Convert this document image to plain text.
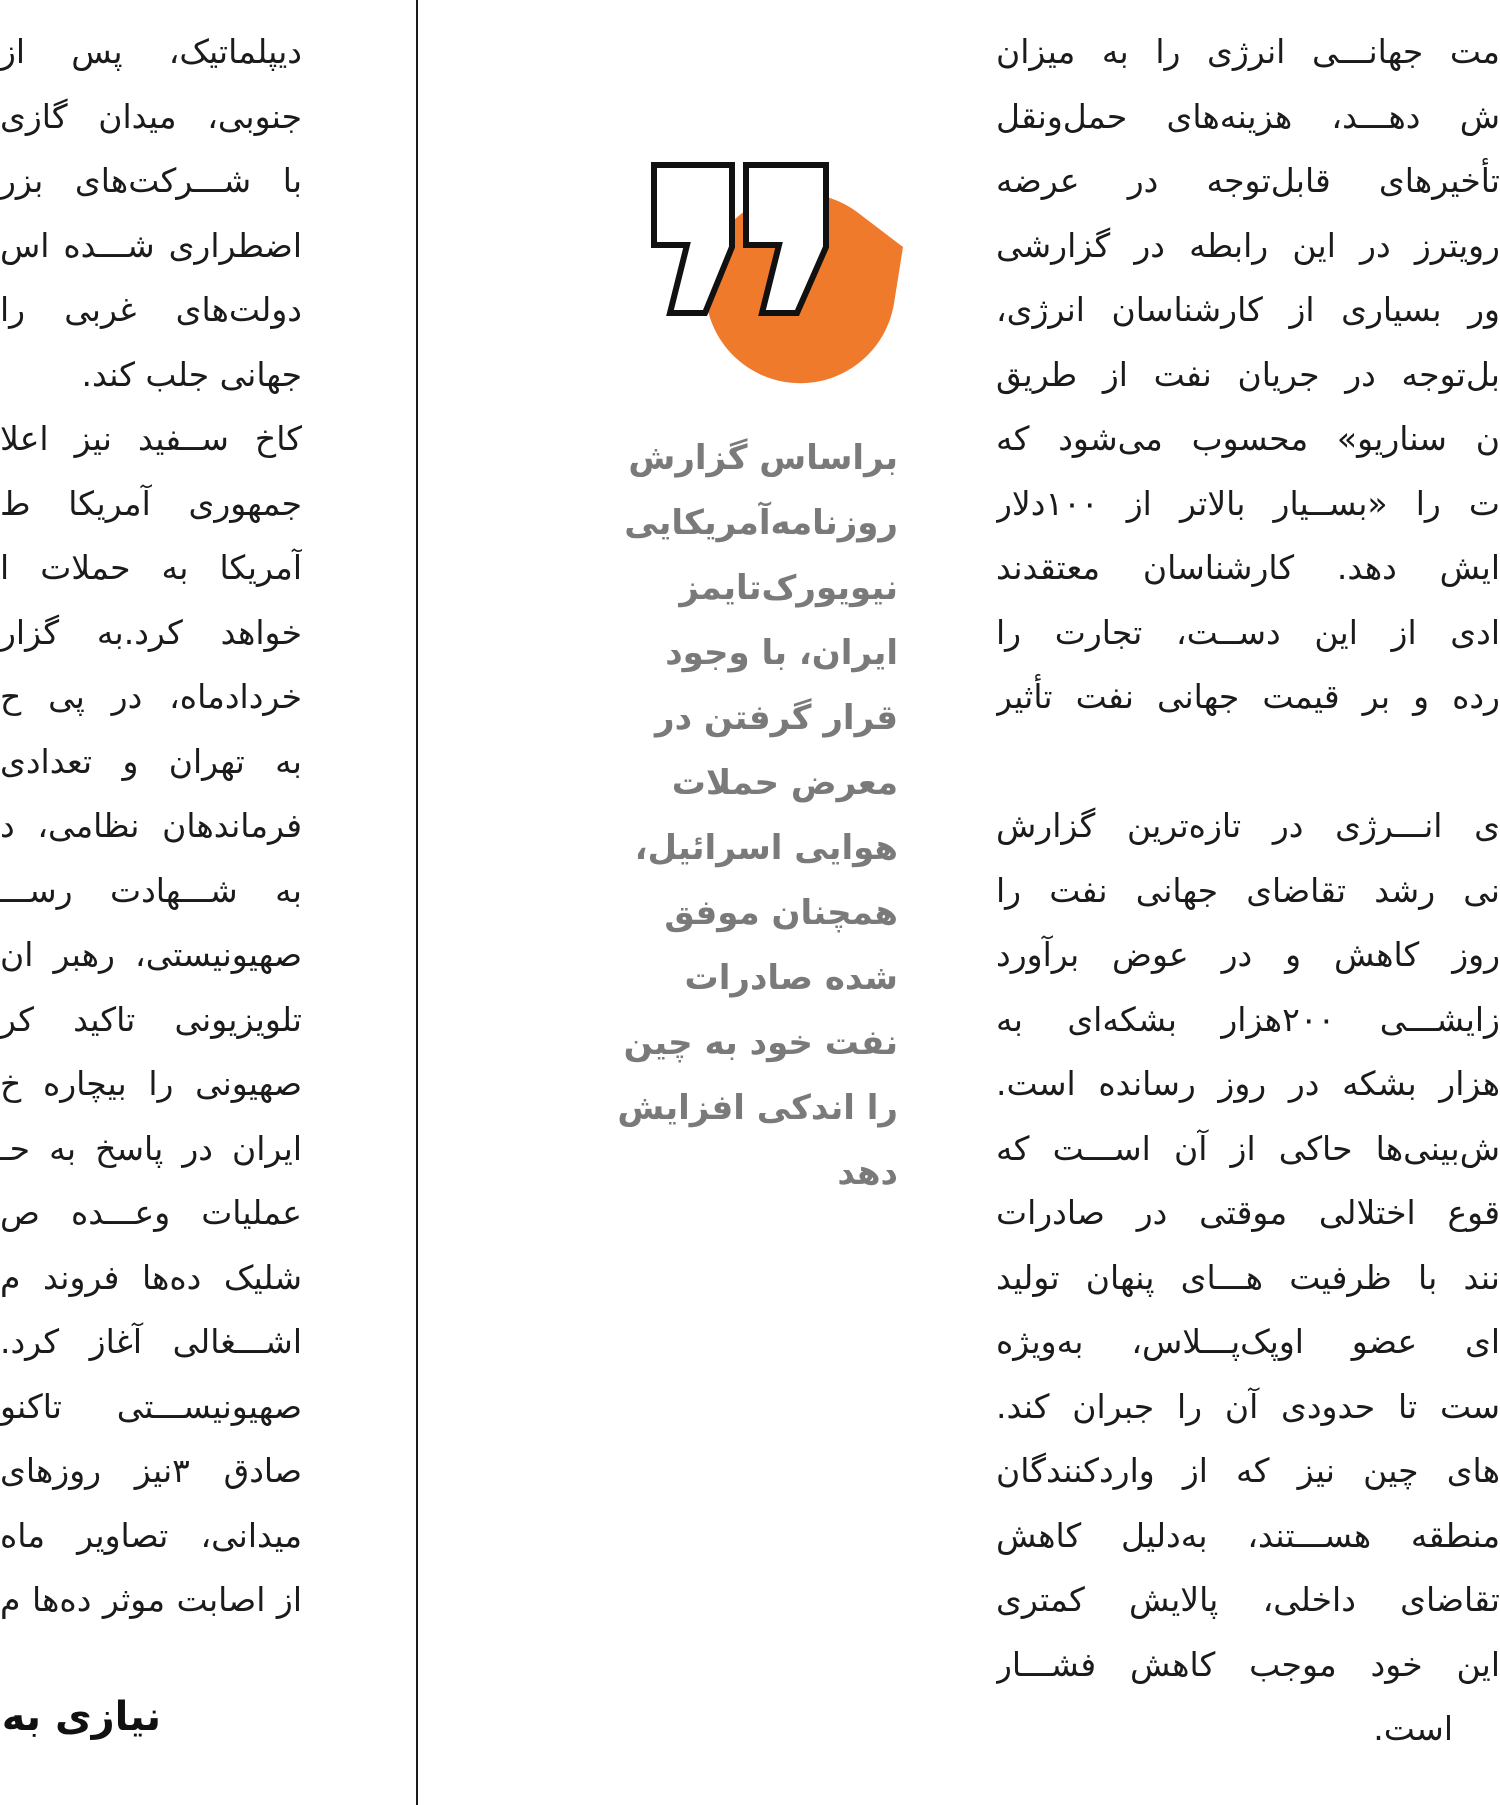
دیپلماتیک، پس از
جنوبی، میدان گازی
با شـــرکت‌های بزر
اضطراری شـــده اس
دولت‌های غربی را
جهانی جلب کند.
کاخ ســفید نیز اعلا
جمهوری آمریکا ط
آمریکا به حملات ا
خواهد کرد.به گزار
خردادماه، در پی ح
به تهران و تعدادی
فرماندهان نظامی، د
به شـــهادت رســـ
صهیونیستی، رهبر ان
تلویزیونی تاکید کر
صهیونی را بیچاره خ
ایران در پاسخ به حـ
عملیات وعـــده ص
شلیک ده‌ها فروند م
اشـــغالی آغاز کرد.
صهیونیســـتی تاکنو
صادق ۳نیز روزهای
میدانی، تصاویر ماه
از اصابت موثر ده‌ها م
نیازی به
براساس گزارش
روزنامه‌آمریکایی
نیویورک‌تایمز
ایران، با وجود
قرار گرفتن در
معرض حملات
هوایی اسرائیل،
همچنان موفق
شده صادرات
نفت خود به چین
را اندکی افزایش
دهد
مت جهانـــی انرژی را به میزان
ش دهـــد، هزینه‌های حمل‌ونقل
تأخیرهای قابل‌توجه در عرضه
رویترز در این رابطه در گزارشی
ور بسیاری از کارشناسان انرژی،
بل‌توجه در جریان نفت از طریق
ن سناریو» محسوب می‌شود که
ت را «بســیار بالاتر از ۱۰۰دلار
ایش دهد. کارشناسان معتقدند
ادی از این دســت، تجارت را
رده و بر قیمت جهانی نفت تأثیر
ی انـــرژی در تازه‌ترین گزارش
نی رشد تقاضای جهانی نفت را
روز کاهش و در عوض برآورد
زایشـــی ۲۰۰هزار بشکه‌ای به
هزار بشکه در روز رسانده است.
ش‌بینی‌ها حاکی از آن اســـت که
قوع اختلالی موقتی در صادرات
نند با ظرفیت هـــای پنهان تولید
ای عضو اوپک‌پـــلاس، به‌ویژه
ست تا حدودی آن را جبران کند.
های چین نیز که از واردکنندگان
منطقه هســـتند، به‌دلیل کاهش
تقاضای داخلی، پالایش کمتری
این خود موجب کاهش فشـــار
است.
